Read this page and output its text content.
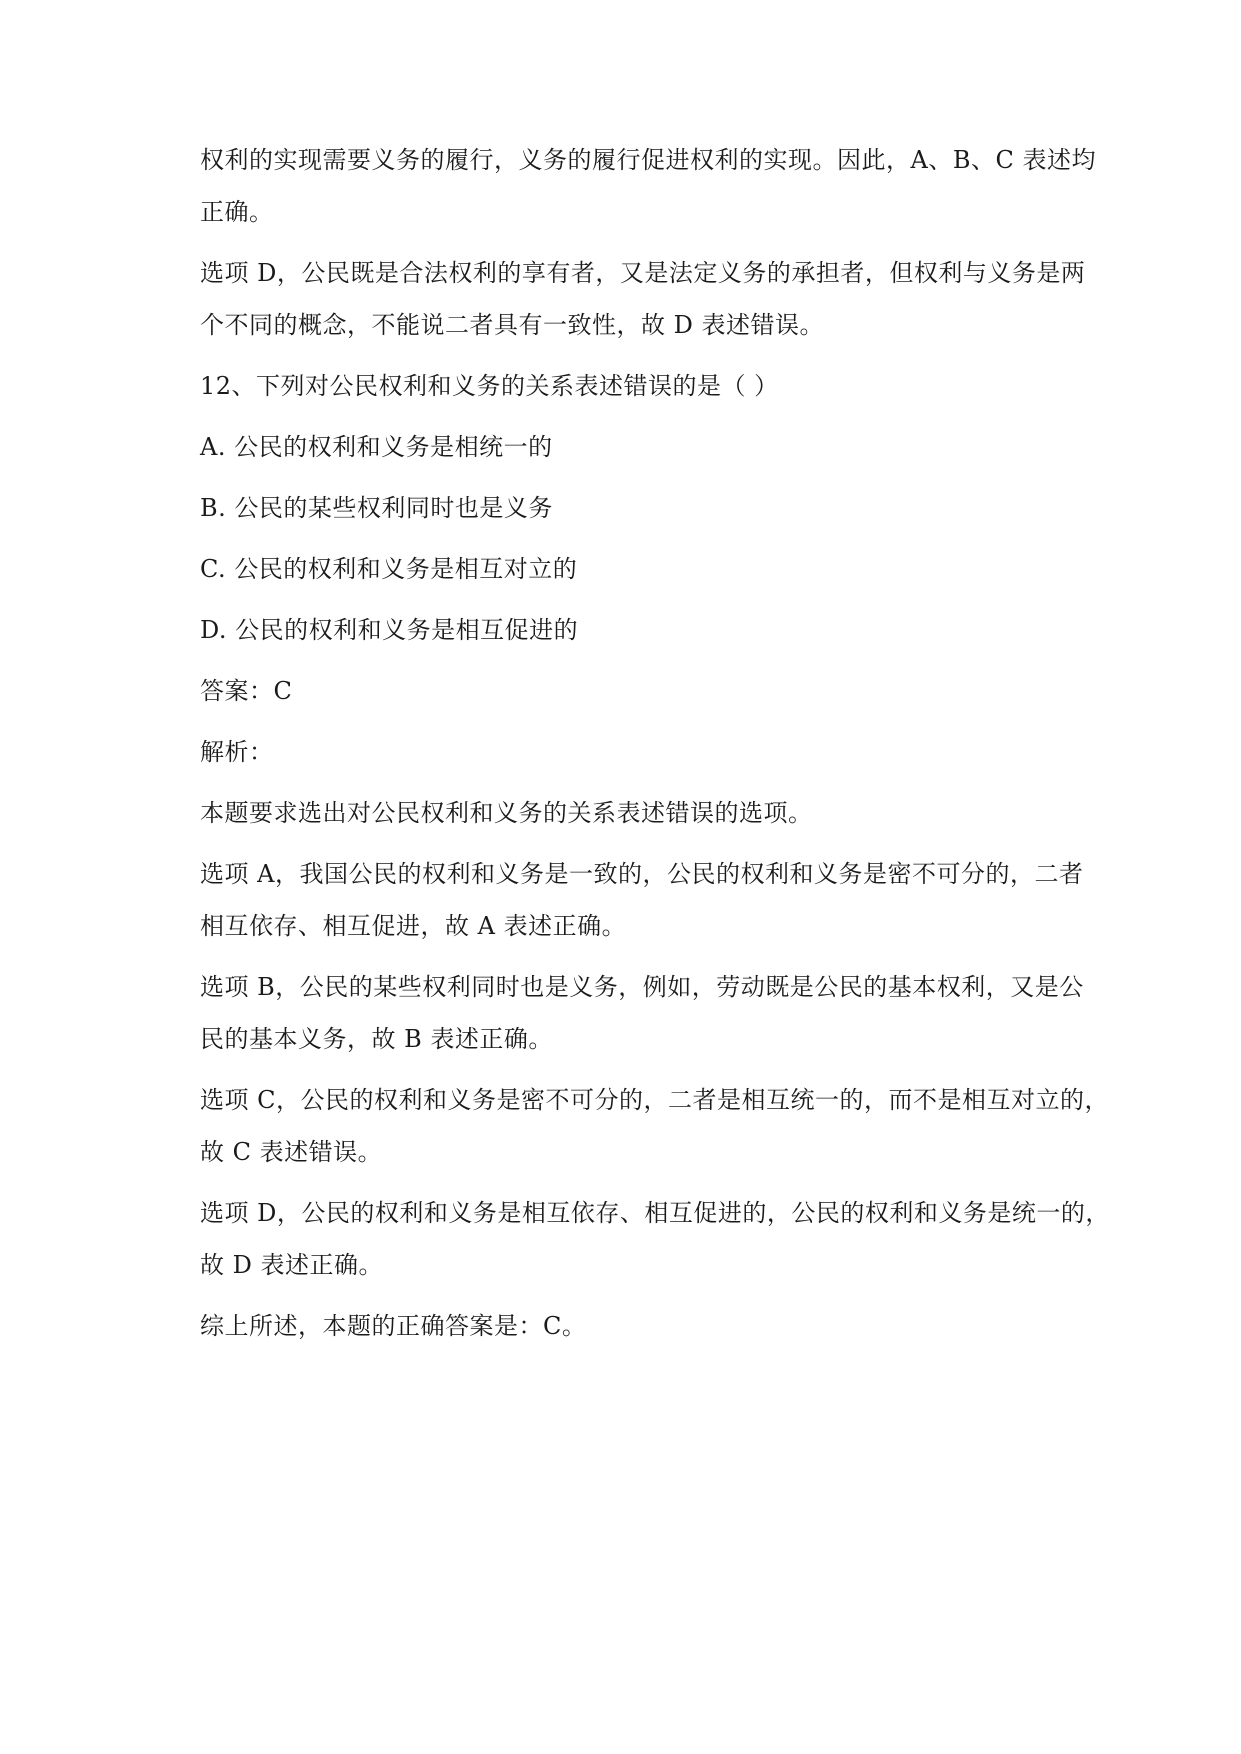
权利的实现需要义务的履行，义务的履行促进权利的实现。因此，A、B、C 表述均
正确。
选项 D，公民既是合法权利的享有者，又是法定义务的承担者，但权利与义务是两
个不同的概念，不能说二者具有一致性，故 D 表述错误。
12、下列对公民权利和义务的关系表述错误的是（ ）
A. 公民的权利和义务是相统一的
B. 公民的某些权利同时也是义务
C. 公民的权利和义务是相互对立的
D. 公民的权利和义务是相互促进的
答案：C
解析：
本题要求选出对公民权利和义务的关系表述错误的选项。
选项 A，我国公民的权利和义务是一致的，公民的权利和义务是密不可分的，二者
相互依存、相互促进，故 A 表述正确。
选项 B，公民的某些权利同时也是义务，例如，劳动既是公民的基本权利，又是公
民的基本义务，故 B 表述正确。
选项 C，公民的权利和义务是密不可分的，二者是相互统一的，而不是相互对立的，
故 C 表述错误。
选项 D，公民的权利和义务是相互依存、相互促进的，公民的权利和义务是统一的，
故 D 表述正确。
综上所述，本题的正确答案是：C。
